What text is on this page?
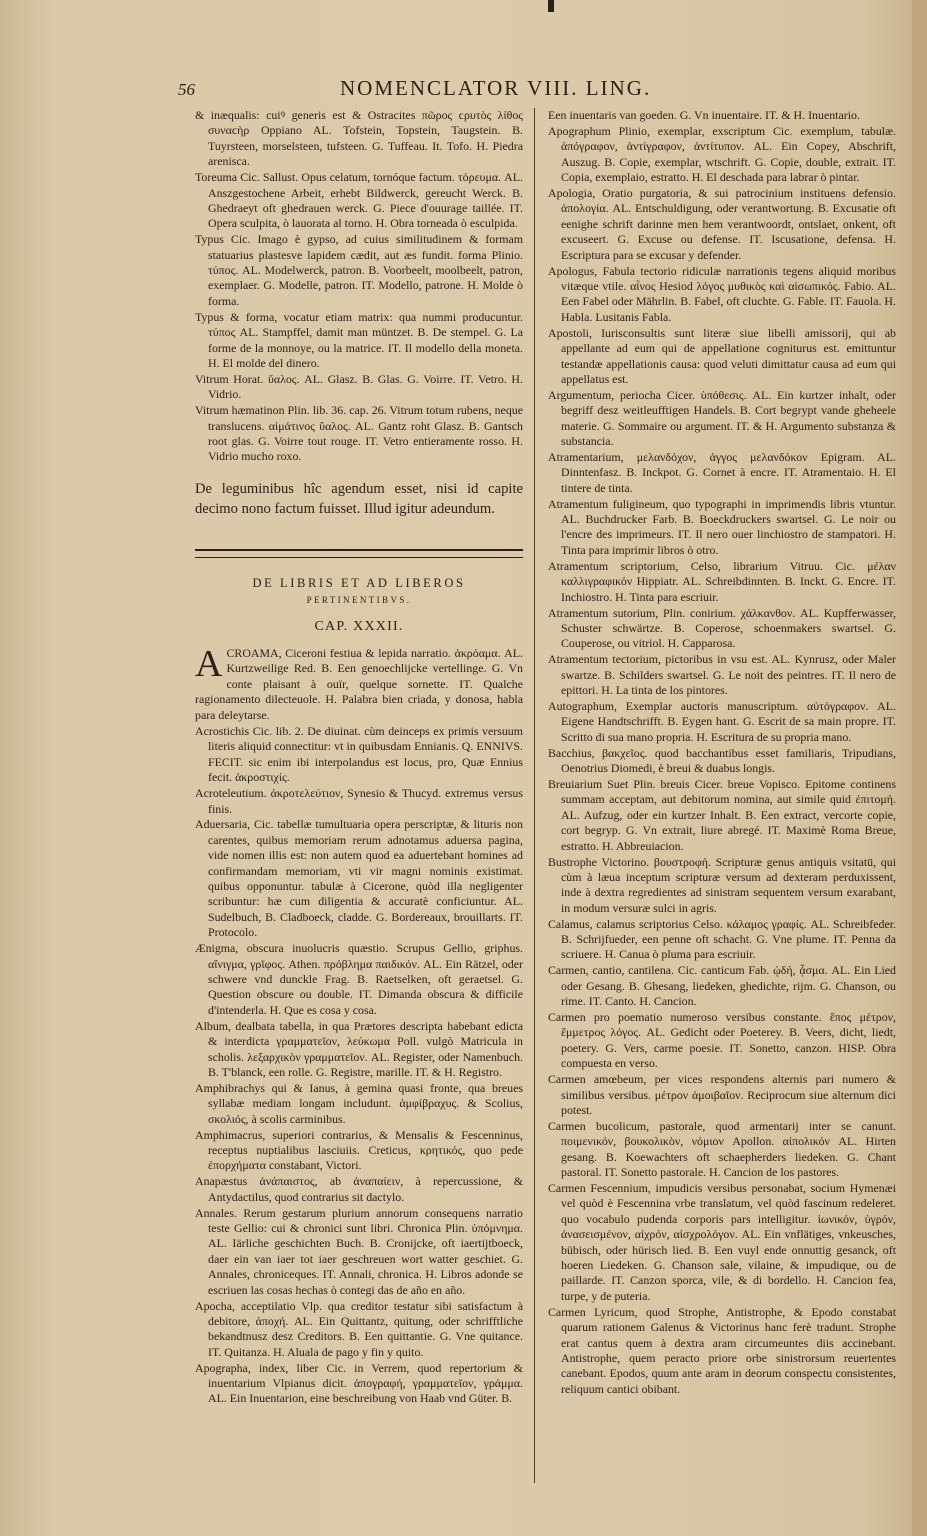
56	NOMENCLATOR VIII. LING.

& inæqualis: cuiꝰ generis est & Ostracites πῶρος ϲρυτὸς λίθος συναϲὴρ Oppiano AL. Tofstein, Topstein, Taugstein. B. Tuyrsteen, morselsteen, tufsteen. G. Tuffeau. It. Tofo. H. Piedra arenisca.

Toreuma Cic. Sallust. Opus celatum, tornóque factum. τόρευμα. AL. Anszgestochene Arbeit, erhebt Bildwerck, gereucht Werck. B. Ghedraeyt oft ghedrauen werck. G. Piece d'ouurage taillée. IT. Opera sculpita, ò lauorata al torno. H. Obra torneada ò esculpida.

Typus Cic. Imago è gypso, ad cuius similitudinem & formam statuarius plastesve lapidem cædit, aut æs fundit. forma Plinio. τύπος. AL. Modelwerck, patron. B. Voorbeelt, moolbeelt, patron, exemplaer. G. Modelle, patron. IT. Modello, patrone. H. Molde ò forma.

Typus & forma, vocatur etiam matrix: qua nummi producuntur. τύπος AL. Stampffel, damit man müntzet. B. De stempel. G. La forme de la monnoye, ou la matrice. IT. Il modello della moneta. H. El molde del dinero.

Vitrum Horat. ὕαλος. AL. Glasz. B. Glas. G. Voirre. IT. Vetro. H. Vidrio.

Vitrum hæmatinon Plin. lib. 36. cap. 26. Vitrum totum rubens, neque translucens. αἱμάτινος ὕαλος. AL. Gantz roht Glasz. B. Gantsch root glas. G. Voirre tout rouge. IT. Vetro entieramente rosso. H. Vidrio mucho roxo.

De leguminibus hîc agendum esset, nisi id capite decimo nono factum fuisset. Illud igitur adeundum.

DE LIBRIS ET AD LIBEROS

PERTINENTIBVS.

CAP. XXXII.

ACROAMA, Ciceroni festiua & lepida narratio. ἀκρόαμα. AL. Kurtzweilige Red. B. Een genoechlijcke vertellinge. G. Vn conte plaisant à ouïr, quelque sornette. IT. Qualche ragionamento dilecteuole. H. Palabra bien criada, y donosa, habla para deleytarse.

Acrostichis Cic. lib. 2. De diuinat. cùm deinceps ex primis versuum literis aliquid connectitur: vt in quibusdam Ennianis. Q. ENNIVS. FECIT. sic enim ibi interpolandus est locus, pro, Quæ Ennius fecit. ἀκροστιχίς.

Acroteleutium. ἀκροτελεύτιον, Synesio & Thucyd. extremus versus finis.

Aduersaria, Cic. tabellæ tumultuaria opera perscriptæ, & lituris non carentes, quibus memoriam rerum adnotamus aduersa pagina, vide nomen illis est: non autem quod ea aduertebant homines ad confirmandam memoriam, vti vir magni nominis existimat. quibus opponuntur. tabulæ à Cicerone, quòd illa negligenter scribuntur: hæ cum diligentia & accuratè conficiuntur. AL. Sudelbuch, B. Cladboeck, cladde. G. Bordereaux, brouillarts. IT. Protocolo.

Ænigma, obscura inuolucris quæstio. Scrupus Gellio, griphus. αἴνιγμα, γρῖφος. Athen. πρόβλημα παιδικόν. AL. Ein Rätzel, oder schwere vnd dunckle Frag. B. Raetselken, oft geraetsel. G. Question obscure ou double. IT. Dimanda obscura & difficile d'intenderla. H. Que es cosa y cosa.

Album, dealbata tabella, in qua Prætores descripta habebant edicta & interdicta γραμματεῖον, λεύκωμα Poll. vulgò Matricula in scholis. λεξαρχικὸν γραμματεῖον. AL. Register, oder Namenbuch. B. T'blanck, een rolle. G. Registre, marille. IT. & H. Registro.

Amphibrachys qui & Ianus, à gemina quasi fronte, qua breues syllabæ mediam longam includunt. ἀμφίβραχυς. & Scolius, σκολιός, à scolis carminibus.

Amphimacrus, superiori contrarius, & Mensalis & Fescenninus, receptus nuptialibus lasciuiis. Creticus, κρητικός, quo pede ἐπορχήματα constabant, Victori.

Anapæstus ἀνάπαιστος, ab ἀναπαίειν, à repercussione, & Antydactilus, quod contrarius sit dactylo.

Annales. Rerum gestarum plurium annorum consequens narratio teste Gellio: cui & chronici sunt libri. Chronica Plin. ὑπόμνημα. AL. Iärliche geschichten Buch. B. Cronijcke, oft iaertijtboeck, daer ein van iaer tot iaer geschreuen wort watter geschiet. G. Annales, chroniceques. IT. Annali, chronica. H. Libros adonde se escriuen las cosas hechas ò contegi das de año en año.

Apocha, acceptilatio Vlp. qua creditor testatur sibi satisfactum à debitore, ἀποχή. AL. Ein Quittantz, quitung, oder schrifftliche bekandtnusz desz Creditors. B. Een quittantie. G. Vne quitance. IT. Quitanza. H. Aluala de pago y fin y quito.

Apographa, index, liber Cic. in Verrem, quod repertorium & inuentarium Vlpianus dicit. ἀπογραφή, γραμματεῖον, γράμμα. AL. Ein Inuentarion, eine beschreibung von Haab vnd Güter. B.

Een inuentaris van goeden. G. Vn inuentaire. IT. & H. Inuentario.

Apographum Plinio, exemplar, exscriptum Cic. exemplum, tabulæ. ἀπόγραφον, ἀντίγραφον, ἀντίτυπον. AL. Ein Copey, Abschrift, Auszug. B. Copie, exemplar, wtschrift. G. Copie, double, extrait. IT. Copia, exemplaio, estratto. H. El deschada para labrar ò pintar.

Apologia, Oratio purgatoria, & sui patrocinium instituens defensio. ἀπολογία. AL. Entschuldigung, oder verantwortung. B. Excusatie oft eenighe schrift darinne men hem verantwoordt, ontslaet, onkent, oft excuseert. G. Excuse ou defense. IT. Iscusatione, defensa. H. Escriptura para se excusar y defender.

Apologus, Fabula tectorio ridiculæ narrationis tegens aliquid moribus vitæque vtile. αἶνος Hesiod λόγος μυθικὸς καὶ αἰσωπικός. Fabio. AL. Een Fabel oder Mährlin. B. Fabel, oft cluchte. G. Fable. IT. Fauola. H. Habla. Lusitanis Fabla.

Apostoli, Iurisconsultis sunt literæ siue libelli amissorij, qui ab appellante ad eum qui de appellatione cogniturus est. emittuntur testandæ appellationis causa: quod veluti dimittatur causa ad eum qui appellatus est.

Argumentum, periocha Cicer. ὑπόθεσις. AL. Ein kurtzer inhalt, oder begriff desz weitleufftigen Handels. B. Cort begrypt vande gheheele materie. G. Sommaire ou argument. IT. & H. Argumento substanza & substancia.

Atramentarium, μελανδόχον, ἀγγος μελανδόκον Epigram. AL. Dinntenfasz. B. Inckpot. G. Cornet à encre. IT. Atramentaio. H. El tintere de tinta.

Atramentum fuligineum, quo typographi in imprimendis libris vtuntur. AL. Buchdrucker Farb. B. Boeckdruckers swartsel. G. Le noir ou l'encre des imprimeurs. IT. Il nero ouer linchiostro de stampatori. H. Tinta para imprimir libros ò otro.

Atramentum scriptorium, Celso, librarium Vitruu. Cic. μέλαν καλλιγραφικόν Hippiatr. AL. Schreibdinnten. B. Inckt. G. Encre. IT. Inchiostro. H. Tinta para escriuir.

Atramentum sutorium, Plin. conirium. χάλκανθον. AL. Kupfferwasser, Schuster schwärtze. B. Coperose, schoenmakers swartsel. G. Couperose, ou vitriol. H. Capparosa.

Atramentum tectorium, pictoribus in vsu est. AL. Kynrusz, oder Maler swartze. B. Schilders swartsel. G. Le noit des peintres. IT. Il nero de epittori. H. La tinta de los pintores.

Autographum, Exemplar auctoris manuscriptum. αὐτόγραφον. AL. Eigene Handtschrifft. B. Eygen hant. G. Escrit de sa main propre. IT. Scritto di sua mano propria. H. Escritura de su propria mano.

Bacchius, βακχεῖος. quod bacchantibus esset familiaris, Tripudians, Oenotrius Diomedi, è breui & duabus longis.

Breuiarium Suet Plin. breuis Cicer. breue Vopisco. Epitome continens summam acceptam, aut debitorum nomina, aut simile quid ἐπιτομή. AL. Aufzug, oder ein kurtzer Inhalt. B. Een extract, vercorte copie, cort begryp. G. Vn extrait, liure abregé. IT. Maximè Roma Breue, estratto. H. Abbreuiacion.

Bustrophe Victorino. βουστροφή. Scripturæ genus antiquis vsitatū, qui cùm à læua inceptum scripturæ versum ad dexteram perduxissent, inde à dextra regredientes ad sinistram sequentem versum exarabant, in modum versuræ sulci in agris.

Calamus, calamus scriptorius Celso. κάλαμος γραφίς. AL. Schreibfeder. B. Schrijfueder, een penne oft schacht. G. Vne plume. IT. Penna da scriuere. H. Canua ò pluma para escriuir.

Carmen, cantio, cantilena. Cic. canticum Fab. ᾠδή, ᾆσμα. AL. Ein Lied oder Gesang. B. Ghesang, liedeken, ghedichte, rijm. G. Chanson, ou rime. IT. Canto. H. Cancion.

Carmen pro poematio numeroso versibus constante. ἔπος μέτρον, ἔμμετρος λόγος. AL. Gedicht oder Poeterey. B. Veers, dicht, liedt, poetery. G. Vers, carme poesie. IT. Sonetto, canzon. HISP. Obra compuesta en verso.

Carmen amœbeum, per vices respondens alternis pari numero & similibus versibus. μέτρον ἀμοιβαῖον. Reciprocum siue alternum dici potest.

Carmen bucolicum, pastorale, quod armentarij inter se canunt. ποιμενικόν, βουκολικὸν, νόμιον Apollon. αἰπολικόν AL. Hirten gesang. B. Koewachters oft schaepherders liedeken. G. Chant pastoral. IT. Sonetto pastorale. H. Cancion de los pastores.

Carmen Fescennium, impudicis versibus personabat, socium Hymenæi vel quòd è Fescennina vrbe translatum, vel quòd fascinum redeleret. quo vocabulo pudenda corporis pars intelligitur. ἰωνικόν, ὑγρόν, ἀνασεισμένον, αἰχρόν, αἰσχρολόγον. AL. Ein vnflätiges, vnkeusches, bübisch, oder hürisch lied. B. Een vuyl ende onnuttig gesanck, oft hoeren Liedeken. G. Chanson sale, vilaine, & impudique, ou de paillarde. IT. Canzon sporca, vile, & di bordello. H. Cancion fea, turpe, y de puteria.

Carmen Lyricum, quod Strophe, Antistrophe, & Epodo constabat quarum rationem Galenus & Victorinus hanc ferè tradunt. Strophe erat cantus quem à dextra aram circumeuntes diis accinebant. Antistrophe, quem peracto priore orbe sinistrorsum reuertentes canebant. Epodos, quum ante aram in deorum conspectu consistentes, reliquum cantici obibant.
